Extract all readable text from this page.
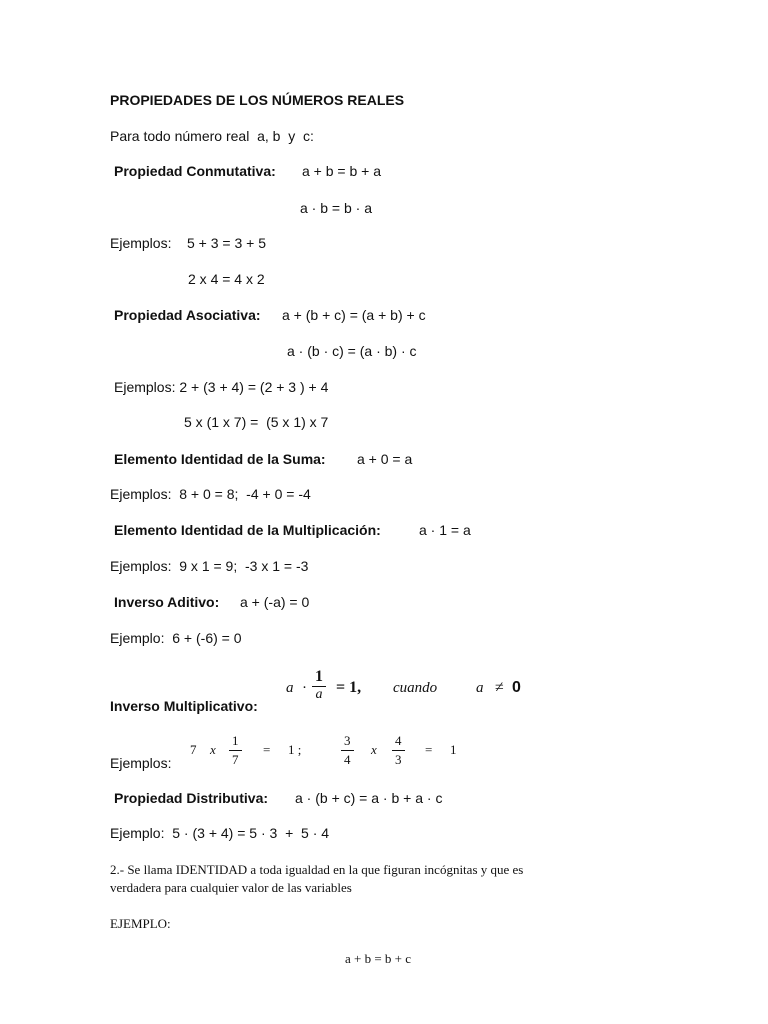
PROPIEDADES DE LOS NÚMEROS REALES
Para todo número real  a, b  y  c:
Propiedad Conmutativa: a + b = b + a
a · b = b · a
Ejemplos: 5 + 3 = 3 + 5
2 x 4 = 4 x 2
Propiedad Asociativa: a + (b + c) = (a + b) + c
a · (b · c) = (a · b) · c
Ejemplos: 2 + (3 + 4) = (2 + 3 ) + 4
5 x (1 x 7) =  (5 x 1) x 7
Elemento Identidad de la Suma: a + 0 = a
Ejemplos:  8 + 0 = 8;  -4 + 0 = -4
Elemento Identidad de la Multiplicación:	a · 1 = a
Ejemplos:  9 x 1 = 9;  -3 x 1 = -3
Inverso Aditivo: a + (-a) = 0
Ejemplo:  6 + (-6) = 0
a ·
1
a = 1, cuando	a ≠ 0
Inverso Multiplicativo:
Ejemplos:
7 x
1
7
= 1 ;
3
4
x
4
3
= 1
Propiedad Distributiva: a · (b + c) = a · b + a · c
Ejemplo:  5 · (3 + 4) = 5 · 3  +  5 · 4
2.- Se llama IDENTIDAD a toda igualdad en la que figuran incógnitas y que es
verdadera para cualquier valor de las variables
EJEMPLO:
a + b = b + c
